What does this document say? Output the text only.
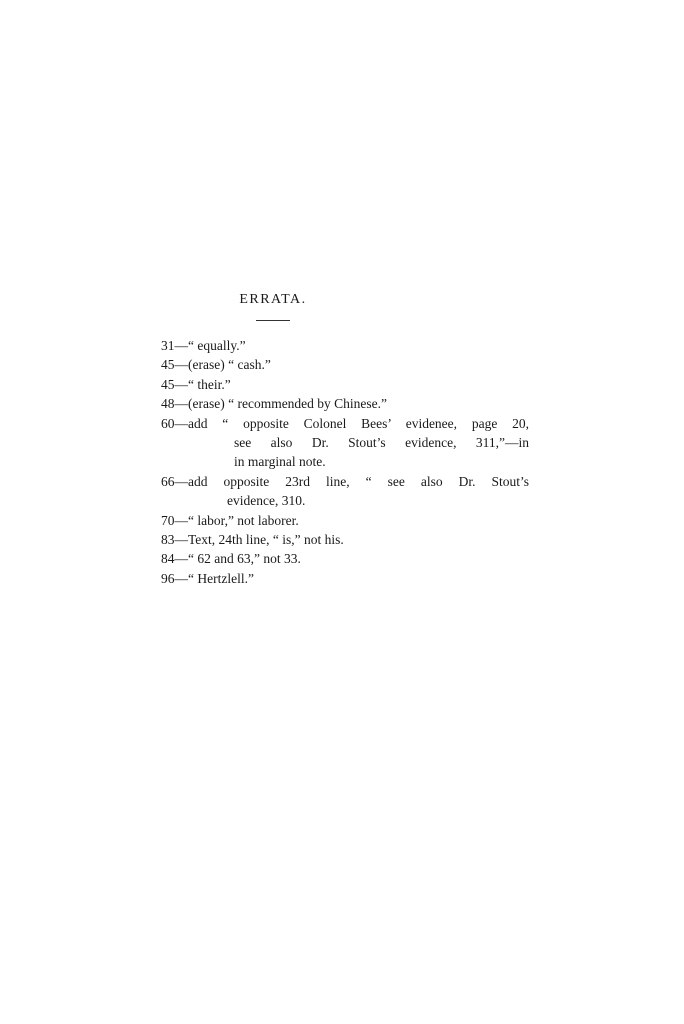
ERRATA.
31—“ equally.”
45—(erase) “ cash.”
45—“ their.”
48—(erase) “ recommended by Chinese.”
60—add “ opposite Colonel Bees’ evidenee, page 20,
see also Dr. Stout’s evidence, 311,”—in
in marginal note.
66—add opposite 23rd line, “ see also Dr. Stout’s
evidence, 310.
70—“ labor,” not laborer.
83—Text, 24th line, “ is,” not his.
84—“ 62 and 63,” not 33.
96—“ Hertzlell.”
